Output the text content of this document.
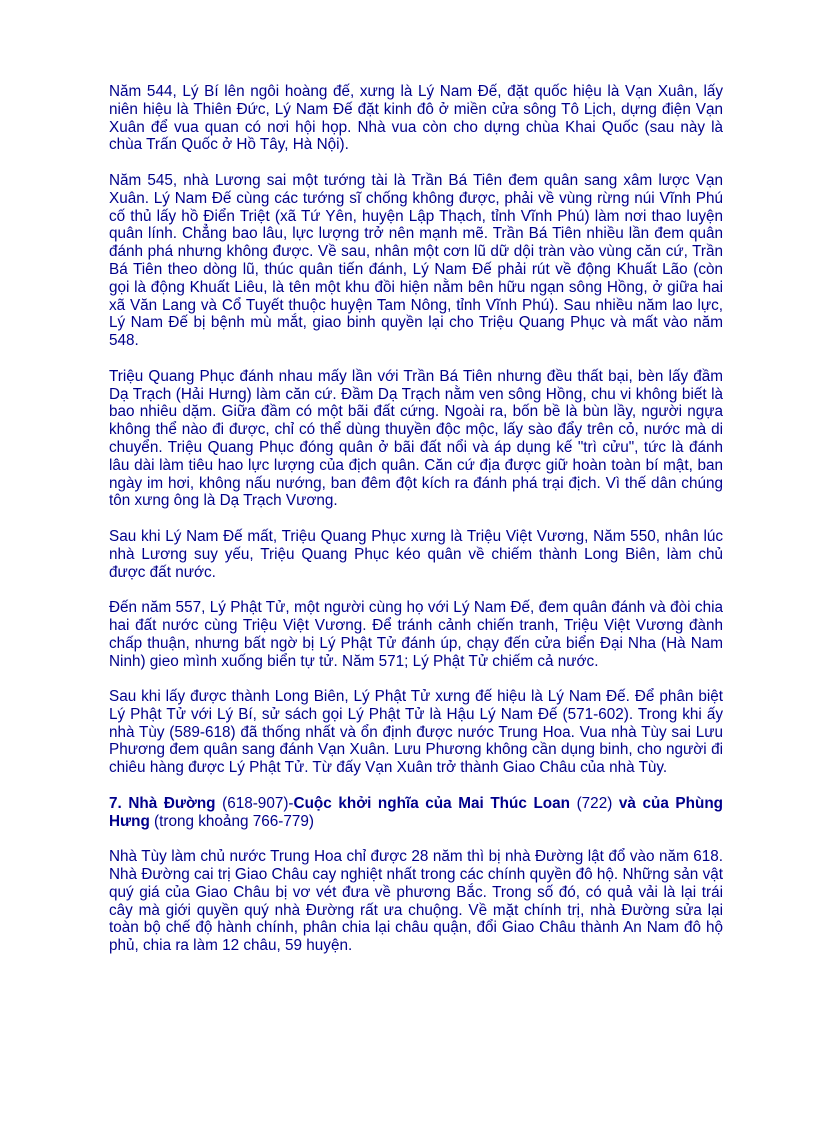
Năm 544, Lý Bí lên ngôi hoàng đế, xưng là Lý Nam Đế, đặt quốc hiệu là Vạn Xuân, lấy niên hiệu là Thiên Đức, Lý Nam Đế đặt kinh đô ở miền cửa sông Tô Lịch, dựng điện Vạn Xuân để vua quan có nơi hội họp. Nhà vua còn cho dựng chùa Khai Quốc (sau này là chùa Trấn Quốc ở Hồ Tây, Hà Nội).

Năm 545, nhà Lương sai một tướng tài là Trần Bá Tiên đem quân sang xâm lược Vạn Xuân. Lý Nam Đế cùng các tướng sĩ chống không được, phải về vùng rừng núi Vĩnh Phú cố thủ lấy hồ Điển Triệt (xã Tứ Yên, huyện Lập Thạch, tỉnh Vĩnh Phú) làm nơi thao luyện quân lính. Chẳng bao lâu, lực lượng trở nên mạnh mẽ. Trần Bá Tiên nhiều lần đem quân đánh phá nhưng không được. Về sau, nhân một cơn lũ dữ dội tràn vào vùng căn cứ, Trần Bá Tiên theo dòng lũ, thúc quân tiến đánh, Lý Nam Đế phải rút về động Khuất Lão (còn gọi là động Khuất Liêu, là tên một khu đồi hiện nằm bên hữu ngạn sông Hồng, ở giữa hai xã Văn Lang và Cổ Tuyết thuộc huyện Tam Nông, tỉnh Vĩnh Phú). Sau nhiều năm lao lực, Lý Nam Đế bị bệnh mù mắt, giao binh quyền lại cho Triệu Quang Phục và mất vào năm 548.

Triệu Quang Phục đánh nhau mấy lần với Trần Bá Tiên nhưng đều thất bại, bèn lấy đầm Dạ Trạch (Hải Hưng) làm căn cứ. Đầm Dạ Trạch nằm ven sông Hồng, chu vi không biết là bao nhiêu dặm. Giữa đầm có một bãi đất cứng. Ngoài ra, bốn bề là bùn lầy, người ngựa không thể nào đi được, chỉ có thể dùng thuyền độc mộc, lấy sào đẩy trên cỏ, nước mà di chuyển. Triệu Quang Phục đóng quân ở bãi đất nổi và áp dụng kế "trì cửu", tức là đánh lâu dài làm tiêu hao lực lượng của địch quân. Căn cứ địa được giữ hoàn toàn bí mật, ban ngày im hơi, không nấu nướng, ban đêm đột kích ra đánh phá trại địch. Vì thế dân chúng tôn xưng ông là Dạ Trạch Vương.

Sau khi Lý Nam Đế mất, Triệu Quang Phục xưng là Triệu Việt Vương, Năm 550, nhân lúc nhà Lương suy yếu, Triệu Quang Phục kéo quân về chiếm thành Long Biên, làm chủ được đất nước.

Đến năm 557, Lý Phật Tử, một người cùng họ với Lý Nam Đế, đem quân đánh và đòi chia hai đất nước cùng Triệu Việt Vương. Để tránh cảnh chiến tranh, Triệu Việt Vương đành chấp thuận, nhưng bất ngờ bị Lý Phật Tử đánh úp, chạy đến cửa biển Đại Nha (Hà Nam Ninh) gieo mình xuống biển tự tử. Năm 571; Lý Phật Tử chiếm cả nước.

Sau khi lấy được thành Long Biên, Lý Phật Tử xưng đế hiệu là Lý Nam Đế. Để phân biệt Lý Phật Tử với Lý Bí, sử sách gọi Lý Phật Tử là Hậu Lý Nam Đế (571-602). Trong khi ấy nhà Tùy (589-618) đã thống nhất và ổn định được nước Trung Hoa. Vua nhà Tùy sai Lưu Phương đem quân sang đánh Vạn Xuân. Lưu Phương không cần dụng binh, cho người đi chiêu hàng được Lý Phật Tử. Từ đấy Vạn Xuân trở thành Giao Châu của nhà Tùy.

7. Nhà Đường (618-907)-Cuộc khởi nghĩa của Mai Thúc Loan (722) và của Phùng Hưng (trong khoảng 766-779)

Nhà Tùy làm chủ nước Trung Hoa chỉ được 28 năm thì bị nhà Đường lật đổ vào năm 618. Nhà Đường cai trị Giao Châu cay nghiệt nhất trong các chính quyền đô hộ. Những sản vật quý giá của Giao Châu bị vơ vét đưa về phương Bắc. Trong số đó, có quả vải là lại trái cây mà giới quyền quý nhà Đường rất ưa chuộng. Về mặt chính trị, nhà Đường sửa lại toàn bộ chế độ hành chính, phân chia lại châu quận, đổi Giao Châu thành An Nam đô hộ phủ, chia ra làm 12 châu, 59 huyện.
